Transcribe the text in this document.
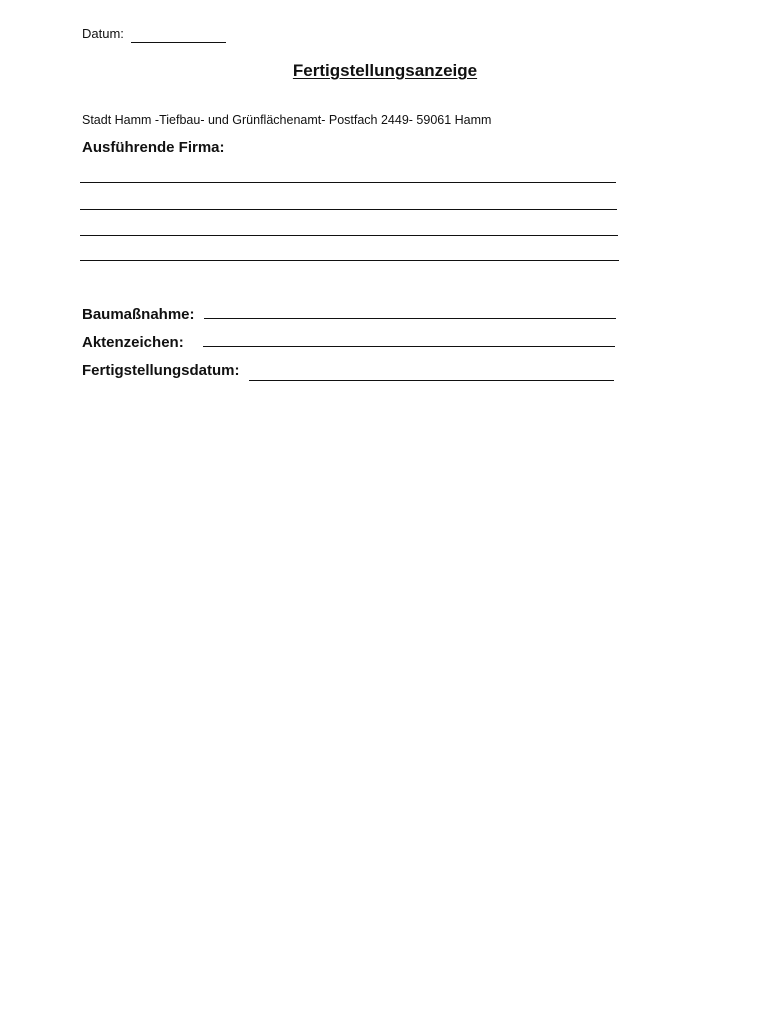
Datum:
Fertigstellungsanzeige
Stadt Hamm -Tiefbau- und Grünflächenamt- Postfach 2449- 59061 Hamm
Ausführende Firma:
Baumaßnahme:
Aktenzeichen:
Fertigstellungsdatum:
